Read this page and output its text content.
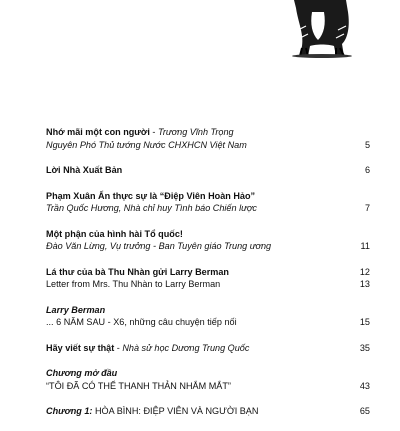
Nhớ mãi một con người - Trương Vĩnh Trọng
Nguyên Phó Thủ tướng Nước CHXHCN Việt Nam	5
Lời Nhà Xuất Bản	6
Phạm Xuân Ẩn thực sự là “Điệp Viên Hoàn Hảo”
Trần Quốc Hương, Nhà chỉ huy Tình báo Chiến lược	7
Một phận của hình hài Tổ quốc!
Đào Văn Lừng, Vụ trưởng - Ban Tuyên giáo Trung ương	11
Lá thư của bà Thu Nhàn gửi Larry Berman	12
Letter from Mrs. Thu Nhàn to Larry Berman	13
Larry Berman
... 6 NĂM SAU - X6, những câu chuyện tiếp nối	15
Hãy viết sự thật - Nhà sử học Dương Trung Quốc	35
Chương mở đầu
“TÔI ĐÃ CÓ THỂ THANH THẢN NHẮM MẮT”	43
Chương 1: HÒA BÌNH: ĐIỆP VIÊN VÀ NGƯỜI BẠN	65
